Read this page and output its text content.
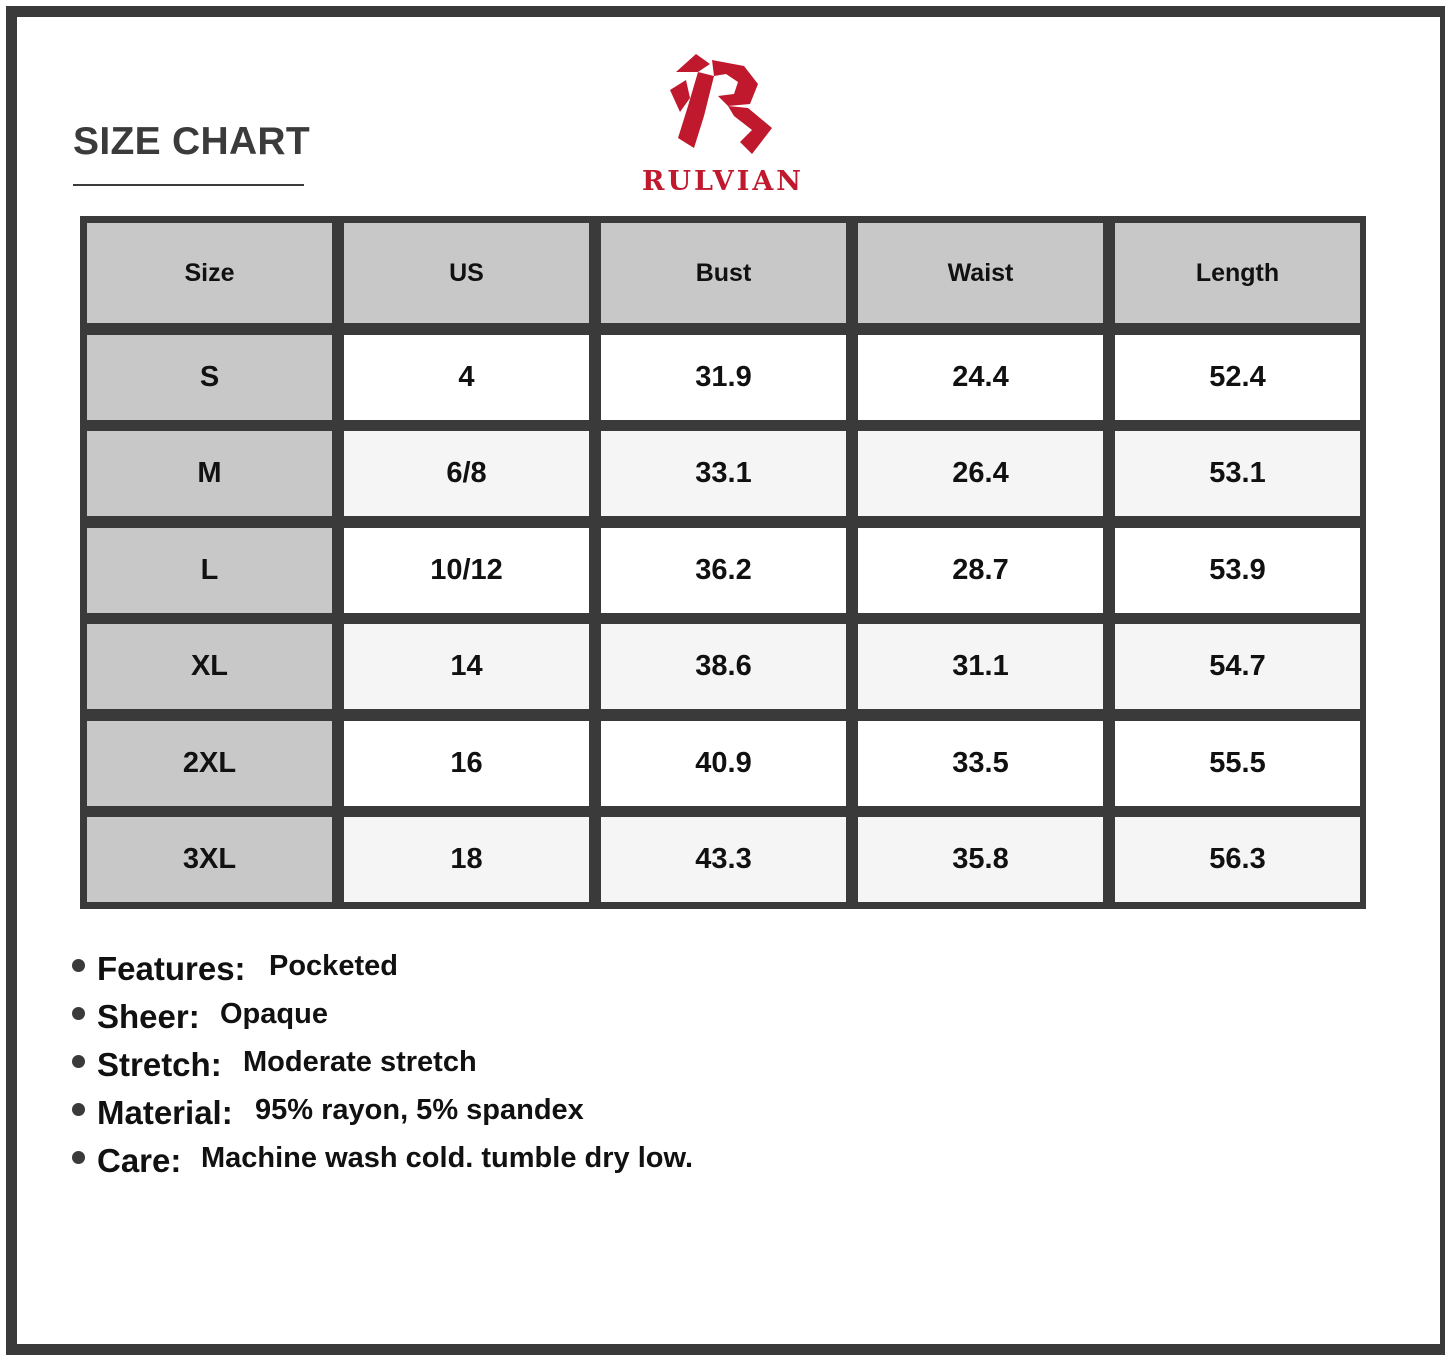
SIZE CHART
RULVIAN
Size	US	Bust	Waist	Length
S	4	31.9	24.4	52.4
M	6/8	33.1	26.4	53.1
L	10/12	36.2	28.7	53.9
XL	14	38.6	31.1	54.7
2XL	16	40.9	33.5	55.5
3XL	18	43.3	35.8	56.3
Features: Pocketed
Sheer: Opaque
Stretch: Moderate stretch
Material: 95% rayon, 5% spandex
Care: Machine wash cold. tumble dry low.
